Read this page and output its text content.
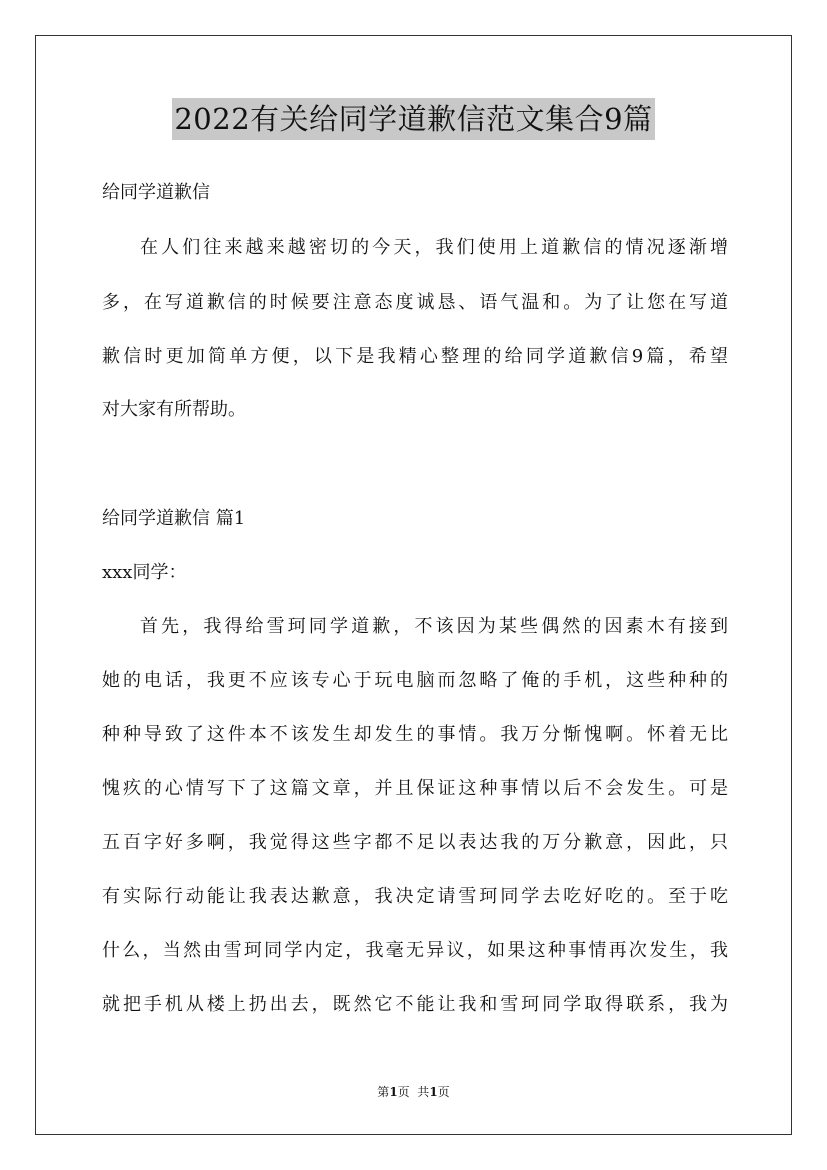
2022有关给同学道歉信范文集合9篇
给同学道歉信
在人们往来越来越密切的今天，我们使用上道歉信的情况逐渐增
多，在写道歉信的时候要注意态度诚恳、语气温和。为了让您在写道
歉信时更加简单方便，以下是我精心整理的给同学道歉信9篇，希望
对大家有所帮助。
给同学道歉信 篇1
xxx同学：
首先，我得给雪珂同学道歉，不该因为某些偶然的因素木有接到
她的电话，我更不应该专心于玩电脑而忽略了俺的手机，这些种种的
种种导致了这件本不该发生却发生的事情。我万分惭愧啊。怀着无比
愧疚的心情写下了这篇文章，并且保证这种事情以后不会发生。可是
五百字好多啊，我觉得这些字都不足以表达我的万分歉意，因此，只
有实际行动能让我表达歉意，我决定请雪珂同学去吃好吃的。至于吃
什么，当然由雪珂同学内定，我毫无异议，如果这种事情再次发生，我
就把手机从楼上扔出去，既然它不能让我和雪珂同学取得联系，我为
第1页  共1页
